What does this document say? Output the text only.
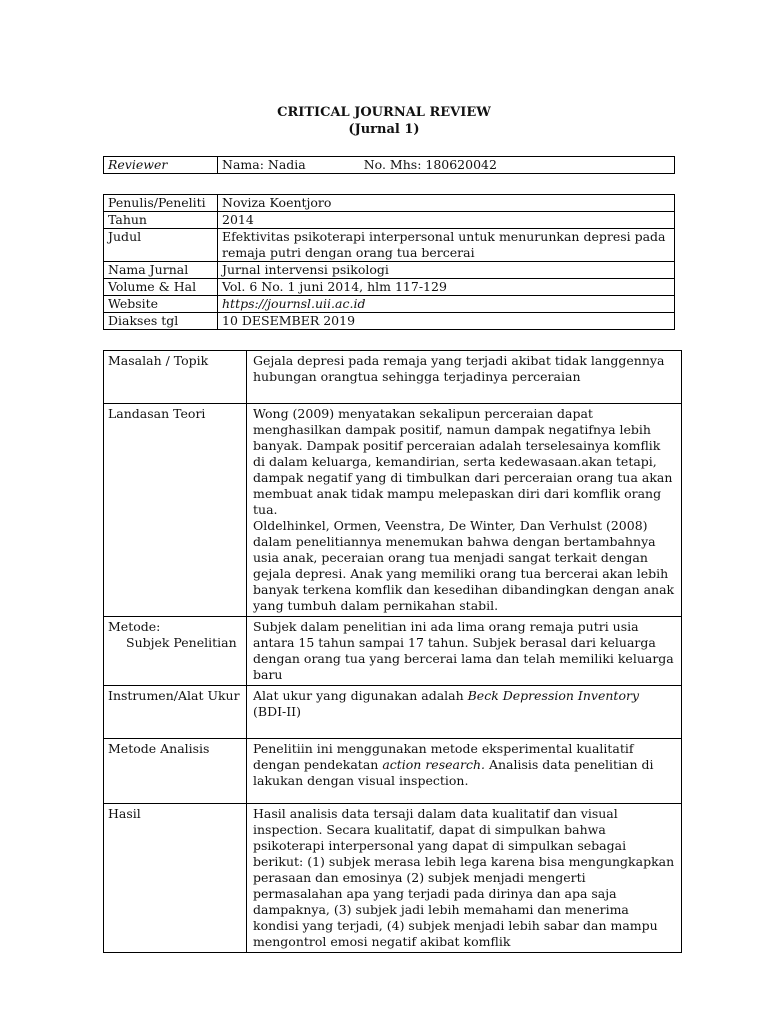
CRITICAL JOURNAL REVIEW
(Jurnal 1)
Reviewer	Nama: Nadia	No. Mhs: 180620042
Penulis/Peneliti	Noviza Koentjoro
Tahun	2014
Judul	Efektivitas psikoterapi interpersonal untuk menurunkan depresi pada remaja putri dengan orang tua bercerai
Nama Jurnal	Jurnal intervensi psikologi
Volume & Hal	Vol. 6 No. 1 juni 2014, hlm 117-129
Website	https://journsl.uii.ac.id
Diakses tgl	10 DESEMBER 2019
Masalah / Topik	Gejala depresi pada remaja yang terjadi akibat tidak langgennya hubungan orangtua sehingga terjadinya perceraian
Landasan Teori	Wong (2009) menyatakan sekalipun perceraian dapat menghasilkan dampak positif, namun dampak negatifnya lebih banyak. Dampak positif perceraian adalah terselesainya komflik di dalam keluarga, kemandirian, serta kedewasaan.akan tetapi, dampak negatif yang di timbulkan dari perceraian orang tua akan membuat anak tidak mampu melepaskan diri dari komflik orang tua.

Oldelhinkel, Ormen, Veenstra, De Winter, Dan Verhulst (2008) dalam penelitiannya menemukan bahwa dengan bertambahnya usia anak, peceraian orang tua menjadi sangat terkait dengan gejala depresi. Anak yang memiliki orang tua bercerai akan lebih banyak terkena komflik dan kesedihan dibandingkan dengan anak yang tumbuh dalam pernikahan stabil.

Metode:
Subjek Penelitian	Subjek dalam penelitian ini ada lima orang remaja putri usia antara 15 tahun sampai 17 tahun. Subjek berasal dari keluarga dengan orang tua yang bercerai lama dan telah memiliki keluarga baru
Instrumen/Alat Ukur	Alat ukur yang digunakan adalah Beck Depression Inventory (BDI-II)
Metode Analisis	Penelitiin ini menggunakan metode eksperimental kualitatif dengan pendekatan action research. Analisis data penelitian di lakukan dengan visual inspection.
Hasil	Hasil analisis data tersaji dalam data kualitatif dan visual inspection. Secara kualitatif, dapat di simpulkan bahwa psikoterapi interpersonal yang dapat di simpulkan sebagai berikut: (1) subjek merasa lebih lega karena bisa mengungkapkan perasaan dan emosinya (2) subjek menjadi mengerti permasalahan apa yang terjadi pada dirinya dan apa saja dampaknya, (3) subjek jadi lebih memahami dan menerima kondisi yang terjadi, (4) subjek menjadi lebih sabar dan mampu mengontrol emosi negatif akibat komflik
